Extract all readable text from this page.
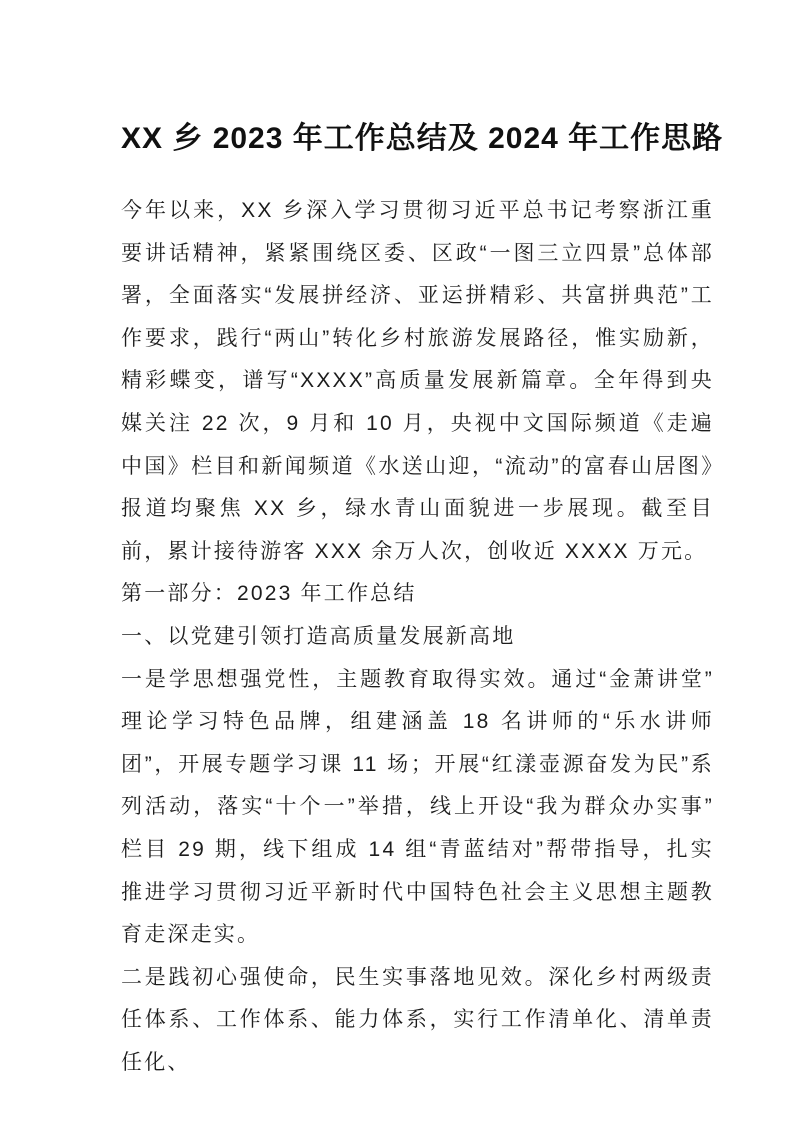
XX 乡 2023 年工作总结及 2024 年工作思路

今年以来，XX 乡深入学习贯彻习近平总书记考察浙江重要讲话精神，紧紧围绕区委、区政“一图三立四景”总体部署，全面落实“发展拼经济、亚运拼精彩、共富拼典范”工作要求，践行“两山”转化乡村旅游发展路径，惟实励新，精彩蝶变，谱写“XXXX”高质量发展新篇章。全年得到央媒关注 22 次，9 月和 10 月，央视中文国际频道《走遍中国》栏目和新闻频道《水送山迎，“流动”的富春山居图》报道均聚焦 XX 乡，绿水青山面貌进一步展现。截至目前，累计接待游客 XXX 余万人次，创收近 XXXX 万元。

第一部分：2023 年工作总结

一、以党建引领打造高质量发展新高地

一是学思想强党性，主题教育取得实效。通过“金萧讲堂”理论学习特色品牌，组建涵盖 18 名讲师的“乐水讲师团”，开展专题学习课 11 场；开展“红漾壶源奋发为民”系列活动，落实“十个一”举措，线上开设“我为群众办实事”栏目 29 期，线下组成 14 组“青蓝结对”帮带指导，扎实推进学习贯彻习近平新时代中国特色社会主义思想主题教育走深走实。

二是践初心强使命，民生实事落地见效。深化乡村两级责任体系、工作体系、能力体系，实行工作清单化、清单责任化、
